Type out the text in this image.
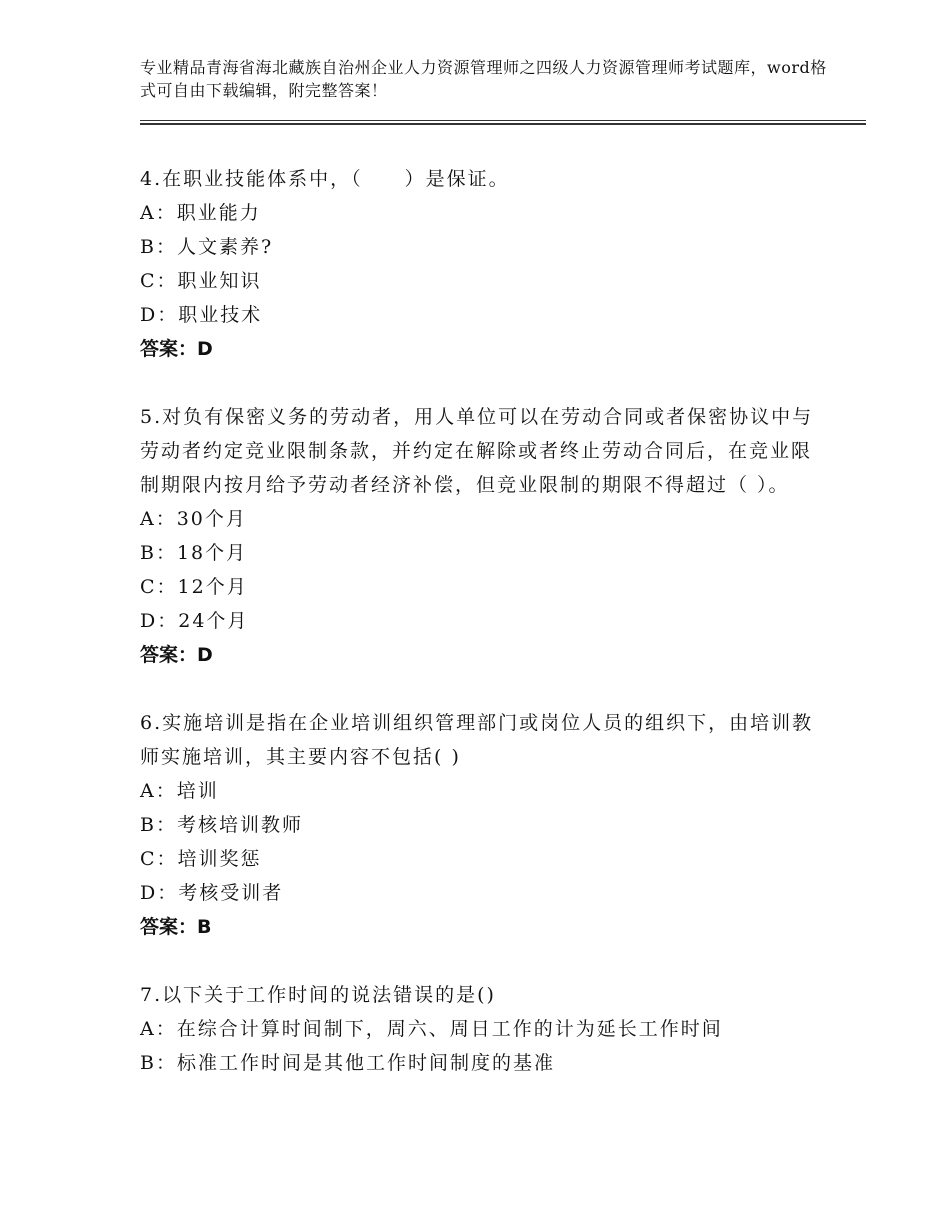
专业精品青海省海北藏族自治州企业人力资源管理师之四级人力资源管理师考试题库，word格式可自由下载编辑，附完整答案！
4.在职业技能体系中，（　　）是保证。
A：职业能力
B：人文素养?
C：职业知识
D：职业技术
答案：D
5.对负有保密义务的劳动者，用人单位可以在劳动合同或者保密协议中与劳动者约定竞业限制条款，并约定在解除或者终止劳动合同后，在竞业限制期限内按月给予劳动者经济补偿，但竞业限制的期限不得超过（ ）。
A：30个月
B：18个月
C：12个月
D：24个月
答案：D
6.实施培训是指在企业培训组织管理部门或岗位人员的组织下，由培训教师实施培训，其主要内容不包括( )
A：培训
B：考核培训教师
C：培训奖惩
D：考核受训者
答案：B
7.以下关于工作时间的说法错误的是()
A：在综合计算时间制下，周六、周日工作的计为延长工作时间
B：标准工作时间是其他工作时间制度的基准
